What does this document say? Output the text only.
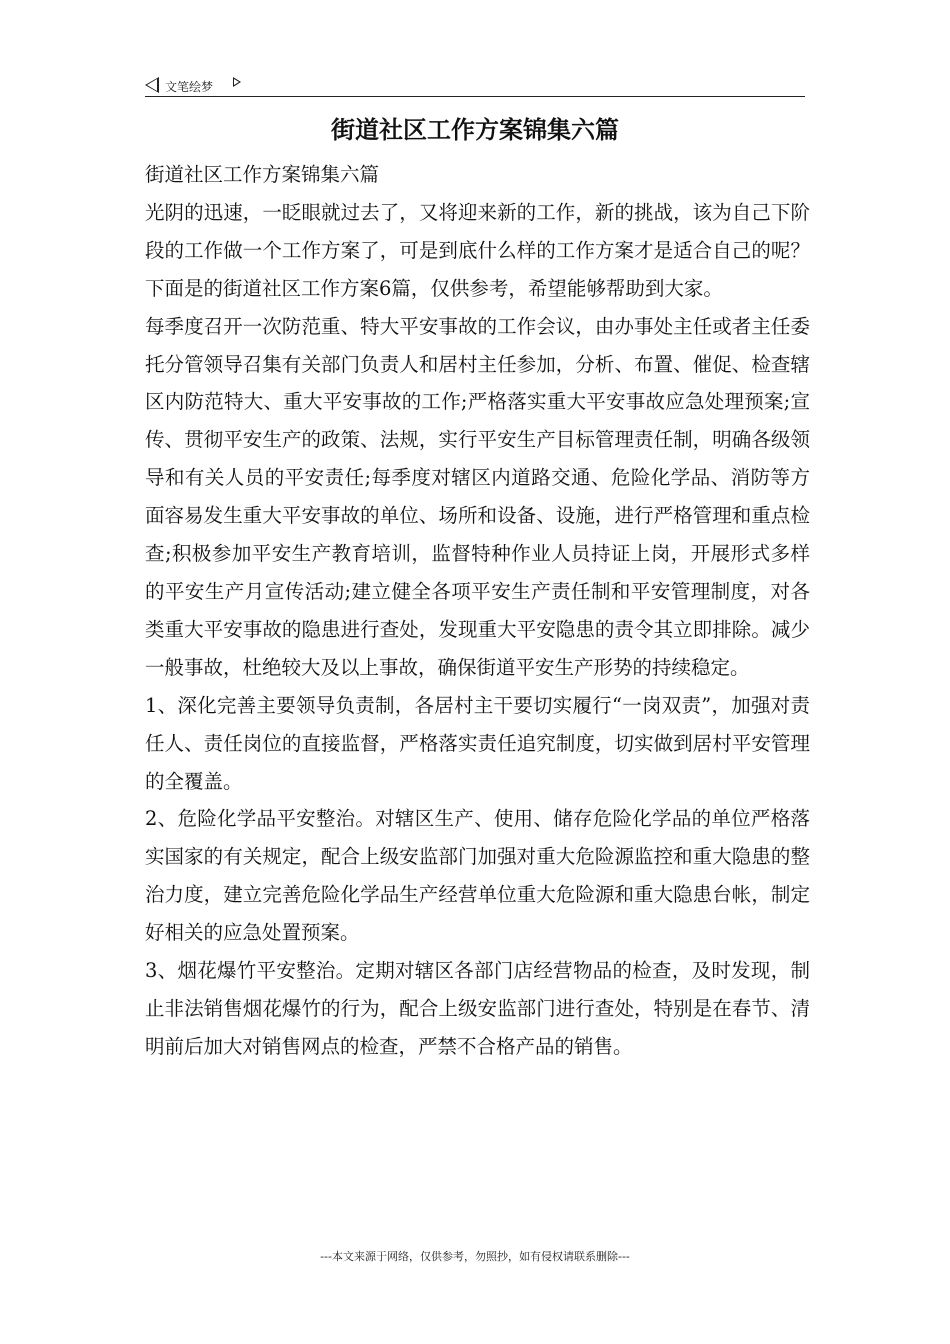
文笔绘梦
街道社区工作方案锦集六篇

街道社区工作方案锦集六篇

光阴的迅速，一眨眼就过去了，又将迎来新的工作，新的挑战，该为自己下阶段的工作做一个工作方案了，可是到底什么样的工作方案才是适合自己的呢？下面是的街道社区工作方案6篇，仅供参考，希望能够帮助到大家。

每季度召开一次防范重、特大平安事故的工作会议，由办事处主任或者主任委托分管领导召集有关部门负责人和居村主任参加，分析、布置、催促、检查辖区内防范特大、重大平安事故的工作;严格落实重大平安事故应急处理预案;宣传、贯彻平安生产的政策、法规，实行平安生产目标管理责任制，明确各级领导和有关人员的平安责任;每季度对辖区内道路交通、危险化学品、消防等方面容易发生重大平安事故的单位、场所和设备、设施，进行严格管理和重点检查;积极参加平安生产教育培训，监督特种作业人员持证上岗，开展形式多样的平安生产月宣传活动;建立健全各项平安生产责任制和平安管理制度，对各类重大平安事故的隐患进行查处，发现重大平安隐患的责令其立即排除。减少一般事故，杜绝较大及以上事故，确保街道平安生产形势的持续稳定。

1、深化完善主要领导负责制，各居村主干要切实履行“一岗双责”，加强对责任人、责任岗位的直接监督，严格落实责任追究制度，切实做到居村平安管理的全覆盖。

2、危险化学品平安整治。对辖区生产、使用、储存危险化学品的单位严格落实国家的有关规定，配合上级安监部门加强对重大危险源监控和重大隐患的整治力度，建立完善危险化学品生产经营单位重大危险源和重大隐患台帐，制定好相关的应急处置预案。

3、烟花爆竹平安整治。定期对辖区各部门店经营物品的检查，及时发现，制止非法销售烟花爆竹的行为，配合上级安监部门进行查处，特别是在春节、清明前后加大对销售网点的检查，严禁不合格产品的销售。

---本文来源于网络，仅供参考，勿照抄，如有侵权请联系删除---
